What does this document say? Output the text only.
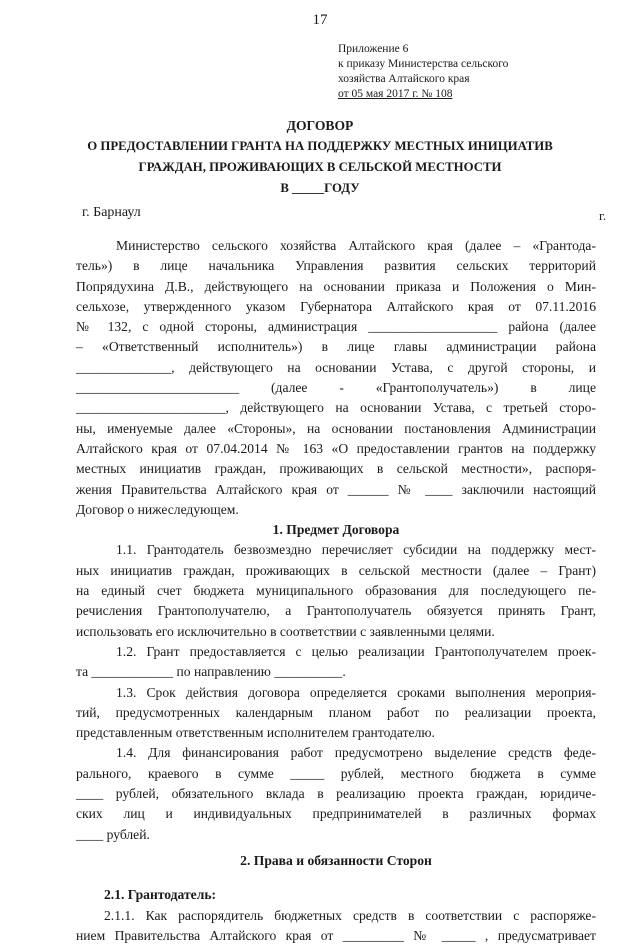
17
Приложение 6
к приказу Министерства сельского
хозяйства Алтайского края
от 05 мая 2017 г. № 108
ДОГОВОР
О ПРЕДОСТАВЛЕНИИ ГРАНТА НА ПОДДЕРЖКУ МЕСТНЫХ ИНИЦИАТИВ
ГРАЖДАН, ПРОЖИВАЮЩИХ В СЕЛЬСКОЙ МЕСТНОСТИ
В _____ГОДУ
г. Барнаул	г.
Министерство сельского хозяйства Алтайского края (далее – «Грантода-
тель») в лице начальника Управления развития сельских территорий
Попрядухина Д.В., действующего на основании приказа и Положения о Мин-
сельхозе, утвержденного указом Губернатора Алтайского края от 07.11.2016
№ 132, с одной стороны, администрация ___________________ района (далее
– «Ответственный исполнитель») в лице главы администрации района
______________, действующего на основании Устава, с другой стороны, и
________________________ (далее - «Грантополучатель») в лице
______________________, действующего на основании Устава, с третьей сторо-
ны, именуемые далее «Стороны», на основании постановления Администрации
Алтайского края от 07.04.2014 № 163 «О предоставлении грантов на поддержку
местных инициатив граждан, проживающих в сельской местности», распоря-
жения Правительства Алтайского края от ______ № ____ заключили настоящий
Договор о нижеследующем.
1. Предмет Договора
1.1. Грантодатель безвозмездно перечисляет субсидии на поддержку мест-
ных инициатив граждан, проживающих в сельской местности (далее – Грант)
на единый счет бюджета муниципального образования для последующего пе-
речисления Грантополучателю, а Грантополучатель обязуется принять Грант,
использовать его исключительно в соответствии с заявленными целями.
1.2. Грант предоставляется с целью реализации Грантополучателем проек-
та ____________ по направлению __________.
1.3. Срок действия договора определяется сроками выполнения мероприя-
тий, предусмотренных календарным планом работ по реализации проекта,
представленным ответственным исполнителем грантодателю.
1.4. Для финансирования работ предусмотрено выделение средств феде-
рального, краевого в сумме _____ рублей, местного бюджета в сумме
____ рублей, обязательного вклада в реализацию проекта граждан, юридиче-
ских лиц и индивидуальных предпринимателей в различных формах
____ рублей.
2. Права и обязанности Сторон
2.1. Грантодатель:
2.1.1. Как распорядитель бюджетных средств в соответствии с распоряже-
нием Правительства Алтайского края от _________ № _____ , предусматривает
